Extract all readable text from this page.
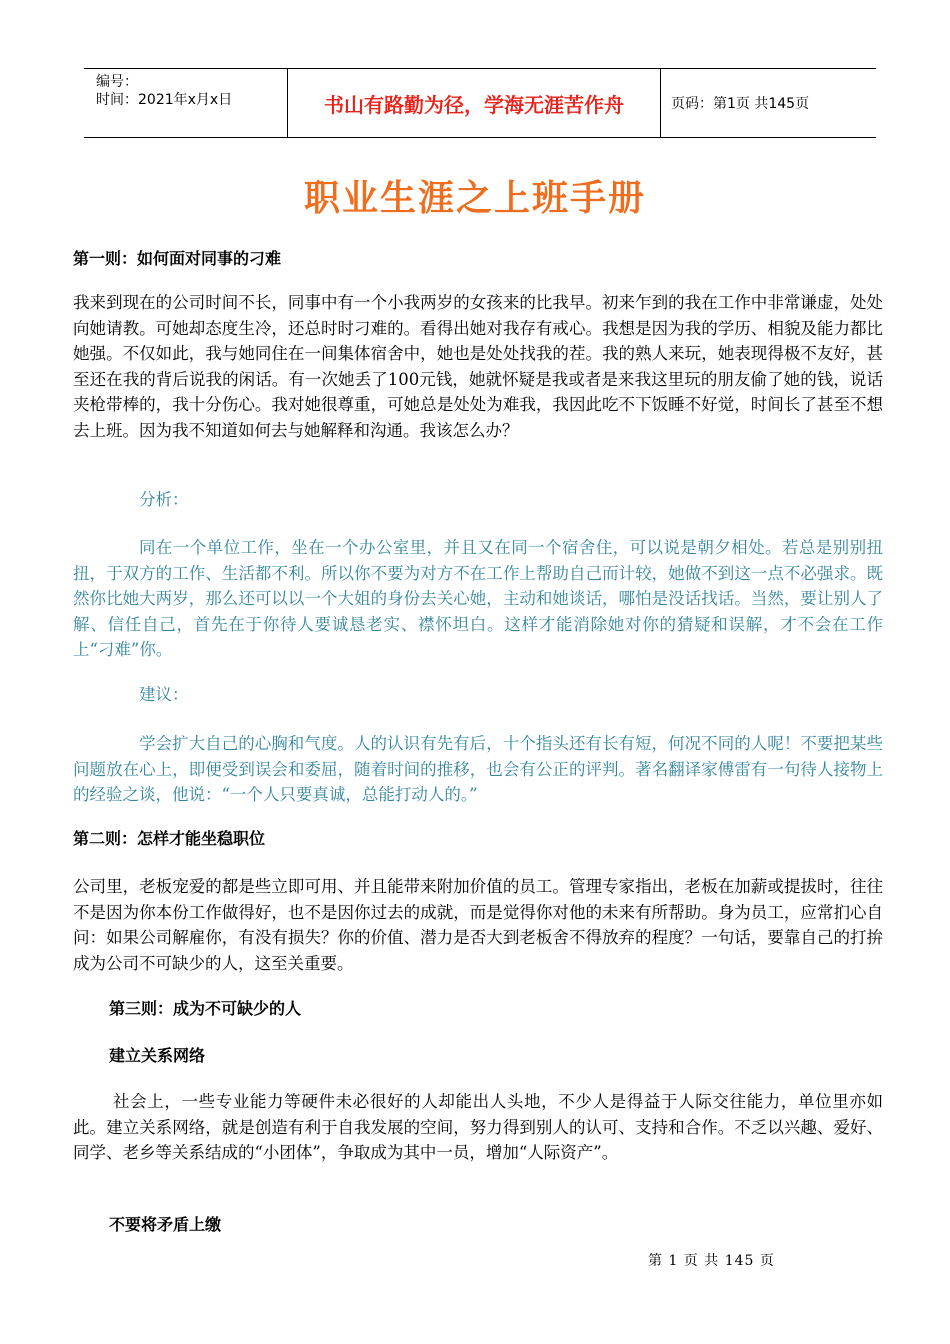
编号：
时间：2021年x月x日	书山有路勤为径，学海无涯苦作舟	页码：第1页 共145页
职业生涯之上班手册
第一则：如何面对同事的刁难
我来到现在的公司时间不长，同事中有一个小我两岁的女孩来的比我早。初来乍到的我在工作中非常谦虚，处处向她请教。可她却态度生冷，还总时时刁难的。看得出她对我存有戒心。我想是因为我的学历、相貌及能力都比她强。不仅如此，我与她同住在一间集体宿舍中，她也是处处找我的茬。我的熟人来玩，她表现得极不友好，甚至还在我的背后说我的闲话。有一次她丢了100元钱，她就怀疑是我或者是来我这里玩的朋友偷了她的钱，说话夹枪带棒的，我十分伤心。我对她很尊重，可她总是处处为难我，我因此吃不下饭睡不好觉，时间长了甚至不想去上班。因为我不知道如何去与她解释和沟通。我该怎么办？
分析：
同在一个单位工作，坐在一个办公室里，并且又在同一个宿舍住，可以说是朝夕相处。若总是别别扭扭，于双方的工作、生活都不利。所以你不要为对方不在工作上帮助自己而计较，她做不到这一点不必强求。既然你比她大两岁，那么还可以以一个大姐的身份去关心她，主动和她谈话，哪怕是没话找话。当然，要让别人了解、信任自己，首先在于你待人要诚恳老实、襟怀坦白。这样才能消除她对你的猜疑和误解，才不会在工作上“刁难”你。
建议：
学会扩大自己的心胸和气度。人的认识有先有后，十个指头还有长有短，何况不同的人呢！不要把某些问题放在心上，即便受到误会和委屈，随着时间的推移，也会有公正的评判。著名翻译家傅雷有一句待人接物上的经验之谈，他说：“一个人只要真诚，总能打动人的。”
第二则：怎样才能坐稳职位
公司里，老板宠爱的都是些立即可用、并且能带来附加价值的员工。管理专家指出，老板在加薪或提拔时，往往不是因为你本份工作做得好，也不是因你过去的成就，而是觉得你对他的未来有所帮助。身为员工，应常扪心自问：如果公司解雇你，有没有损失？你的价值、潜力是否大到老板舍不得放弃的程度？一句话，要靠自己的打拚成为公司不可缺少的人，这至关重要。
第三则：成为不可缺少的人
建立关系网络
社会上，一些专业能力等硬件未必很好的人却能出人头地，不少人是得益于人际交往能力，单位里亦如此。建立关系网络，就是创造有利于自我发展的空间，努力得到别人的认可、支持和合作。不乏以兴趣、爱好、同学、老乡等关系结成的“小团体”，争取成为其中一员，增加“人际资产”。
不要将矛盾上缴
第 1 页 共 145 页
